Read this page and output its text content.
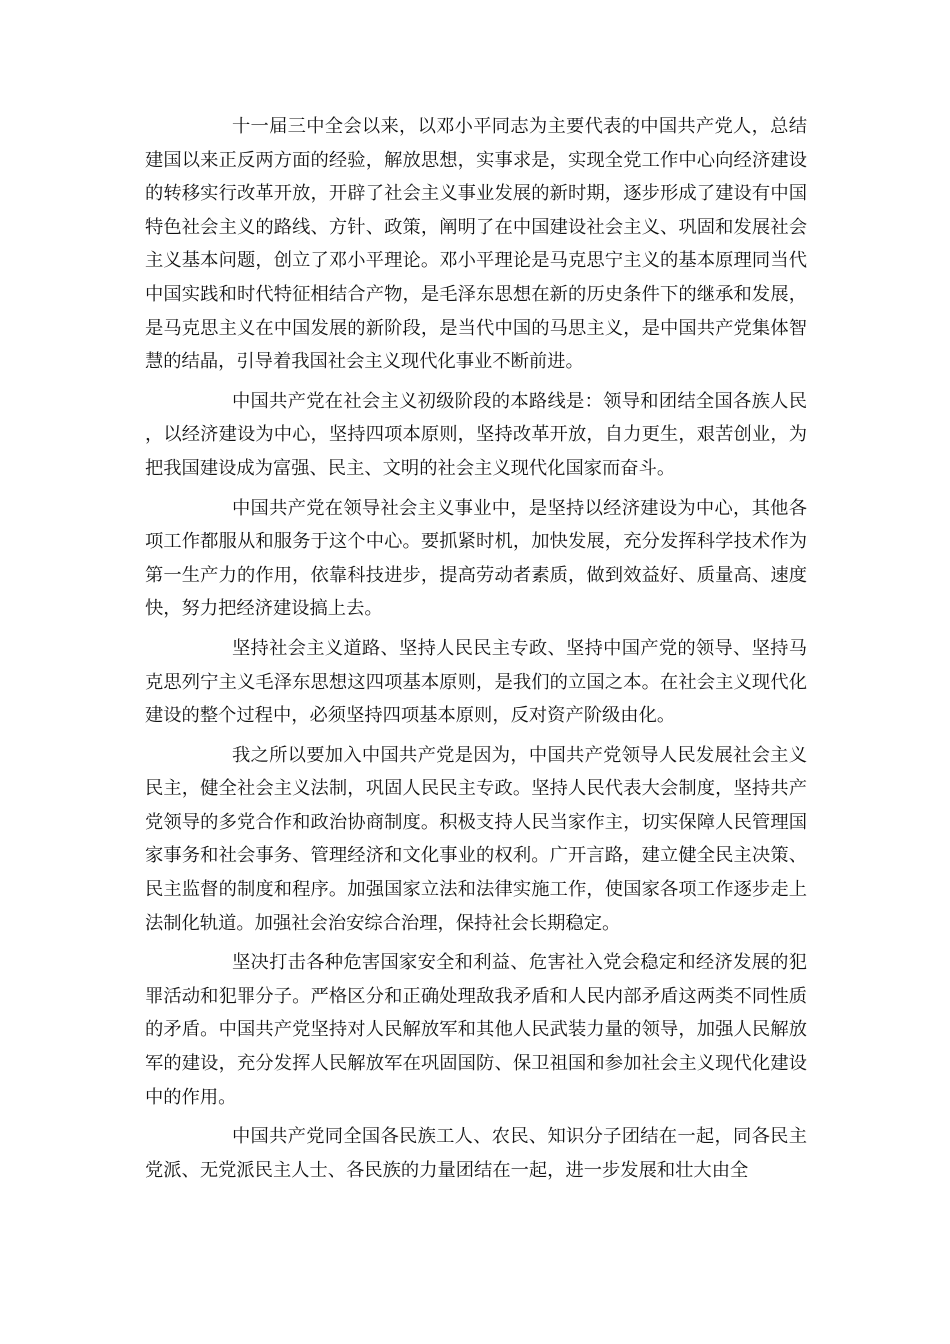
十一届三中全会以来，以邓小平同志为主要代表的中国共产党人，总结建国以来正反两方面的经验，解放思想，实事求是，实现全党工作中心向经济建设的转移实行改革开放，开辟了社会主义事业发展的新时期，逐步形成了建设有中国特色社会主义的路线、方针、政策，阐明了在中国建设社会主义、巩固和发展社会主义基本问题，创立了邓小平理论。邓小平理论是马克思宁主义的基本原理同当代中国实践和时代特征相结合产物，是毛泽东思想在新的历史条件下的继承和发展，是马克思主义在中国发展的新阶段，是当代中国的马思主义，是中国共产党集体智慧的结晶，引导着我国社会主义现代化事业不断前进。

中国共产党在社会主义初级阶段的本路线是：领导和团结全国各族人民，以经济建设为中心，坚持四项本原则，坚持改革开放，自力更生，艰苦创业，为把我国建设成为富强、民主、文明的社会主义现代化国家而奋斗。

中国共产党在领导社会主义事业中，是坚持以经济建设为中心，其他各项工作都服从和服务于这个中心。要抓紧时机，加快发展，充分发挥科学技术作为第一生产力的作用，依靠科技进步，提高劳动者素质，做到效益好、质量高、速度快，努力把经济建设搞上去。

坚持社会主义道路、坚持人民民主专政、坚持中国产党的领导、坚持马克思列宁主义毛泽东思想这四项基本原则，是我们的立国之本。在社会主义现代化建设的整个过程中，必须坚持四项基本原则，反对资产阶级由化。

我之所以要加入中国共产党是因为，中国共产党领导人民发展社会主义民主，健全社会主义法制，巩固人民民主专政。坚持人民代表大会制度，坚持共产党领导的多党合作和政治协商制度。积极支持人民当家作主，切实保障人民管理国家事务和社会事务、管理经济和文化事业的权利。广开言路，建立健全民主决策、民主监督的制度和程序。加强国家立法和法律实施工作，使国家各项工作逐步走上法制化轨道。加强社会治安综合治理，保持社会长期稳定。

坚决打击各种危害国家安全和利益、危害社入党会稳定和经济发展的犯罪活动和犯罪分子。严格区分和正确处理敌我矛盾和人民内部矛盾这两类不同性质的矛盾。中国共产党坚持对人民解放军和其他人民武装力量的领导，加强人民解放军的建设，充分发挥人民解放军在巩固国防、保卫祖国和参加社会主义现代化建设中的作用。

中国共产党同全国各民族工人、农民、知识分子团结在一起，同各民主党派、无党派民主人士、各民族的力量团结在一起，进一步发展和壮大由全
